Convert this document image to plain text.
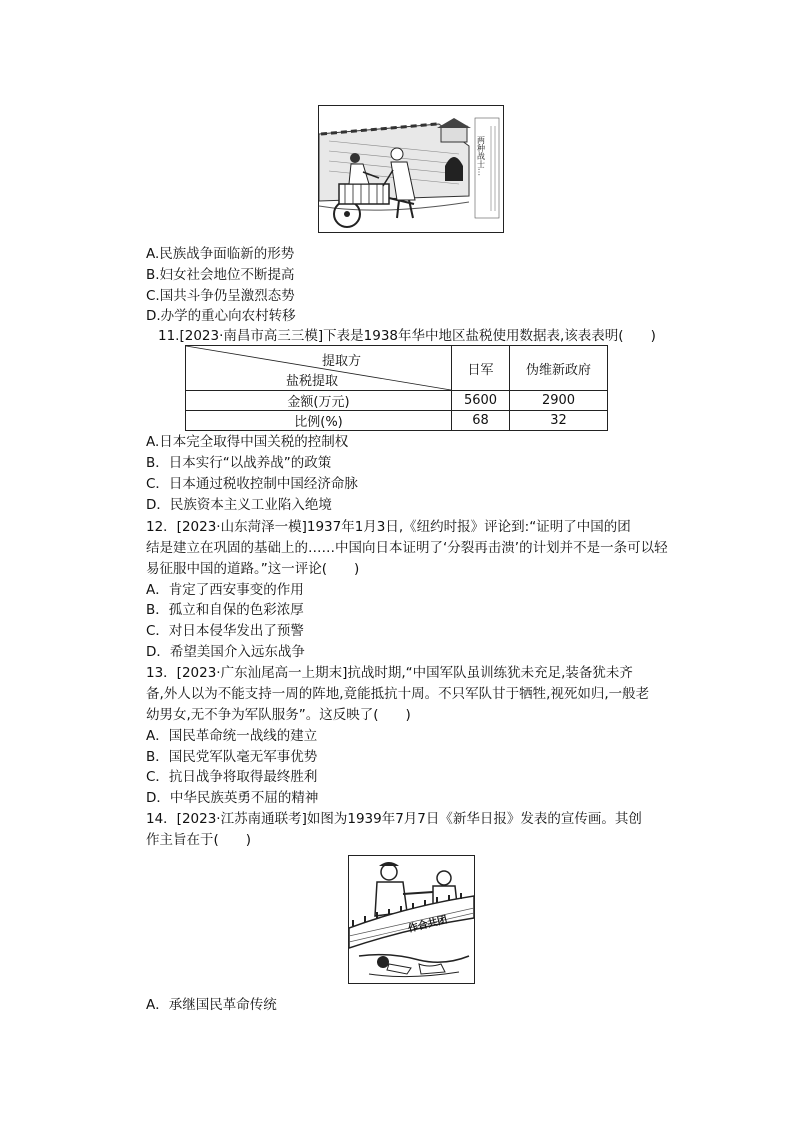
两种战士…
A.民族战争面临新的形势
B.妇女社会地位不断提高
C.国共斗争仍呈激烈态势
D.办学的重心向农村转移
11.[2023·南昌市高三三模]下表是1938年华中地区盐税使用数据表,该表表明(　　)
提取方
盐税提取	日军	伪维新政府
金额(万元)	5600	2900
比例(%)	68	32
A.日本完全取得中国关税的控制权
B．日本实行“以战养战”的政策
C．日本通过税收控制中国经济命脉
D．民族资本主义工业陷入绝境
12．[2023·山东菏泽一模]1937年1月3日,《纽约时报》评论到:“证明了中国的团
结是建立在巩固的基础上的……中国向日本证明了‘分裂再击溃’的计划并不是一条可以轻
易征服中国的道路。”这一评论(　　)
A．肯定了西安事变的作用
B．孤立和自保的色彩浓厚
C．对日本侵华发出了预警
D．希望美国介入远东战争
13．[2023·广东汕尾高一上期末]抗战时期,“中国军队虽训练犹未充足,装备犹未齐
备,外人以为不能支持一周的阵地,竟能抵抗十周。不只军队甘于牺牲,视死如归,一般老
幼男女,无不争为军队服务”。这反映了(　　)
A．国民革命统一战线的建立
B．国民党军队毫无军事优势
C．抗日战争将取得最终胜利
D．中华民族英勇不屈的精神
14．[2023·江苏南通联考]如图为1939年7月7日《新华日报》发表的宣传画。其创
作主旨在于(　　)
作合共团
A．承继国民革命传统
